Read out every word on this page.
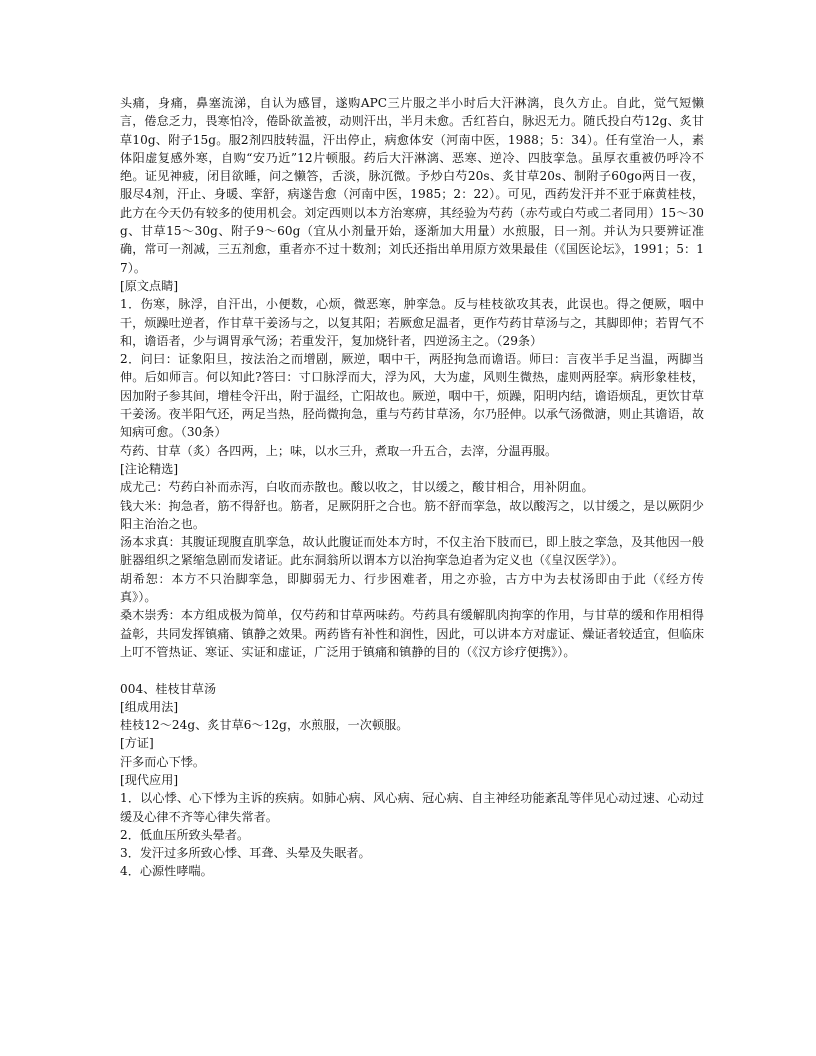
头痛，身痛，鼻塞流涕，自认为感冒，遂购APC三片服之半小时后大汗淋漓，良久方止。自此，觉气短懒言，倦怠乏力，畏寒怕冷，倦卧欲盖被，动则汗出，半月未愈。舌红苔白，脉迟无力。随氏投白芍12g、炙甘草10g、附子15g。服2剂四肢转温，汗出停止，病愈体安（河南中医，1988；5：34）。任有堂治一人，素体阳虚复感外寒，自购“安乃近”12片顿服。药后大汗淋漓、恶寒、逆冷、四肢挛急。虽厚衣重被仍呼冷不绝。证见神疲，闭目欲睡，问之懒答，舌淡，脉沉微。予炒白芍20s、炙甘草20s、制附子60go两日一夜，服尽4剂，汗止、身暖、挛舒，病遂告愈（河南中医，1985；2：22）。可见，西药发汗并不亚于麻黄桂枝，此方在今天仍有较多的使用机会。刘定西则以本方治寒痹，其经验为芍药（赤芍或白芍或二者同用）15～30g、甘草15～30g、附子9～60g（宜从小剂量开始，逐渐加大用量）水煎服，日一剂。并认为只要辨证准确，常可一剂减，三五剂愈，重者亦不过十数剂；刘氏还指出单用原方效果最佳（《国医论坛》，1991；5：17）。

[原文点睛]

1．伤寒，脉浮，自汗出，小便数，心烦，微恶寒，肿挛急。反与桂枝欲攻其表，此误也。得之便厥，咽中干，烦躁吐逆者，作甘草干姜汤与之，以复其阳；若厥愈足温者，更作芍药甘草汤与之，其脚即伸；若胃气不和，谵语者，少与调胃承气汤；若重发汗，复加烧针者，四逆汤主之。（29条）

2．问曰：证象阳旦，按法治之而增剧，厥逆，咽中干，两胫拘急而谵语。师曰：言夜半手足当温，两脚当伸。后如师言。何以知此?答曰：寸口脉浮而大，浮为风，大为虚，风则生微热，虚则两胫挛。病形象桂枝，因加附子参其间，增桂令汗出，附于温经，亡阳故也。厥逆，咽中干，烦躁，阳明内结，谵语烦乱，更饮甘草干姜汤。夜半阳气还，两足当热，胫尚微拘急，重与芍药甘草汤，尔乃胫伸。以承气汤微溏，则止其谵语，故知病可愈。（30条）

芍药、甘草（炙）各四两，上；味，以水三升，煮取一升五合，去滓，分温再服。

[注论精选]

成尤己：芍药白补而赤泻，白收而赤散也。酸以收之，甘以缓之，酸甘相合，用补阴血。

钱大米：拘急者，筋不得舒也。筋者，足厥阴肝之合也。筋不舒而挛急，故以酸泻之，以甘缓之，是以厥阴少阳主治治之也。

汤本求真：其腹证现腹直肌挛急，故认此腹证而处本方时，不仅主治下肢而已，即上肢之挛急，及其他因一般脏器组织之紧缩急剧而发诸证。此东洞翁所以谓本方以治拘挛急迫者为定义也（《皇汉医学》）。

胡希恕：本方不只治脚挛急，即脚弱无力、行步困难者，用之亦验，古方中为去杖汤即由于此（《经方传真》）。

桑木崇秀：本方组成极为简单，仅芍药和甘草两味药。芍药具有缓解肌肉拘挛的作用，与甘草的缓和作用相得益彰，共同发挥镇痛、镇静之效果。两药皆有补性和润性，因此，可以讲本方对虚证、燥证者较适宜，但临床上叮不管热证、寒证、实证和虚证，广泛用于镇痛和镇静的目的（《汉方诊疗便携》）。

004、桂枝甘草汤

[组成用法]

桂枝12～24g、炙甘草6～12g，水煎服，一次顿服。

[方证]

汗多而心下悸。

[现代应用]

1．以心悸、心下悸为主诉的疾病。如肺心病、风心病、冠心病、自主神经功能紊乱等伴见心动过速、心动过缓及心律不齐等心律失常者。

2．低血压所致头晕者。

3．发汗过多所致心悸、耳聋、头晕及失眠者。

4．心源性哮喘。
